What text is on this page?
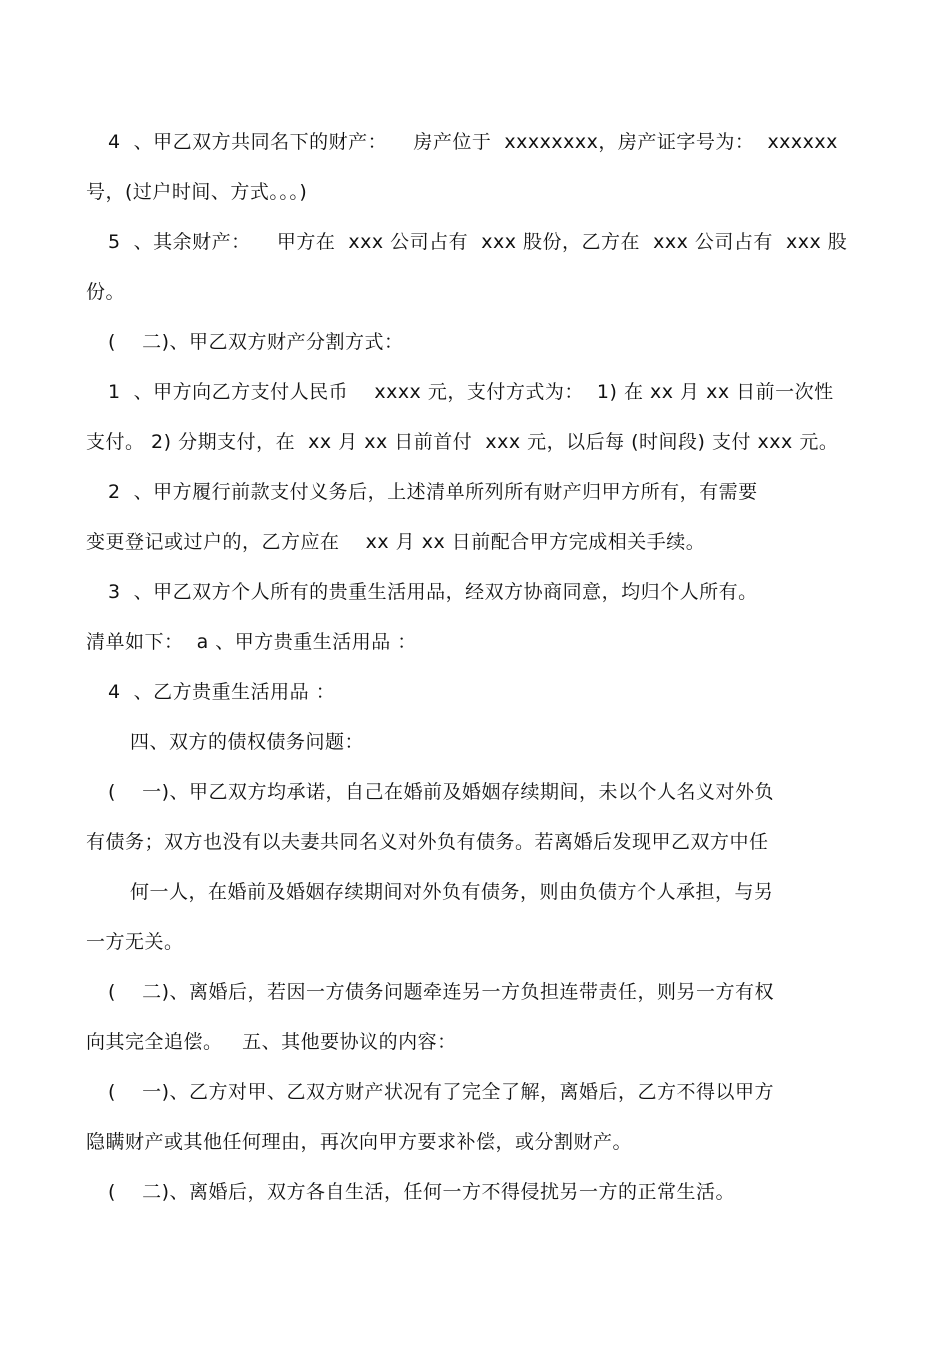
4  、甲乙双方共同名下的财产：    房产位于  xxxxxxxx，房产证字号为：  xxxxxx
号，(过户时间、方式。。。)
5  、其余财产：    甲方在  xxx 公司占有  xxx 股份，乙方在  xxx 公司占有  xxx 股
份。
(    二)、甲乙双方财产分割方式：
1  、甲方向乙方支付人民币    xxxx 元，支付方式为：  1) 在 xx 月 xx 日前一次性
支付。 2) 分期支付，在  xx 月 xx 日前首付  xxx 元，以后每 (时间段) 支付 xxx 元。
2  、甲方履行前款支付义务后，上述清单所列所有财产归甲方所有，有需要
变更登记或过户的，乙方应在    xx 月 xx 日前配合甲方完成相关手续。
3  、甲乙双方个人所有的贵重生活用品，经双方协商同意，均归个人所有。
清单如下：  a 、甲方贵重生活用品 ：
4  、乙方贵重生活用品 ：
四、双方的债权债务问题：
(    一)、甲乙双方均承诺，自己在婚前及婚姻存续期间，未以个人名义对外负
有债务；双方也没有以夫妻共同名义对外负有债务。若离婚后发现甲乙双方中任
何一人，在婚前及婚姻存续期间对外负有债务，则由负债方个人承担，与另
一方无关。
(    二)、离婚后，若因一方债务问题牵连另一方负担连带责任，则另一方有权
向其完全追偿。   五、其他要协议的内容：
(    一)、乙方对甲、乙双方财产状况有了完全了解，离婚后，乙方不得以甲方
隐瞒财产或其他任何理由，再次向甲方要求补偿，或分割财产。
(    二)、离婚后，双方各自生活，任何一方不得侵扰另一方的正常生活。
